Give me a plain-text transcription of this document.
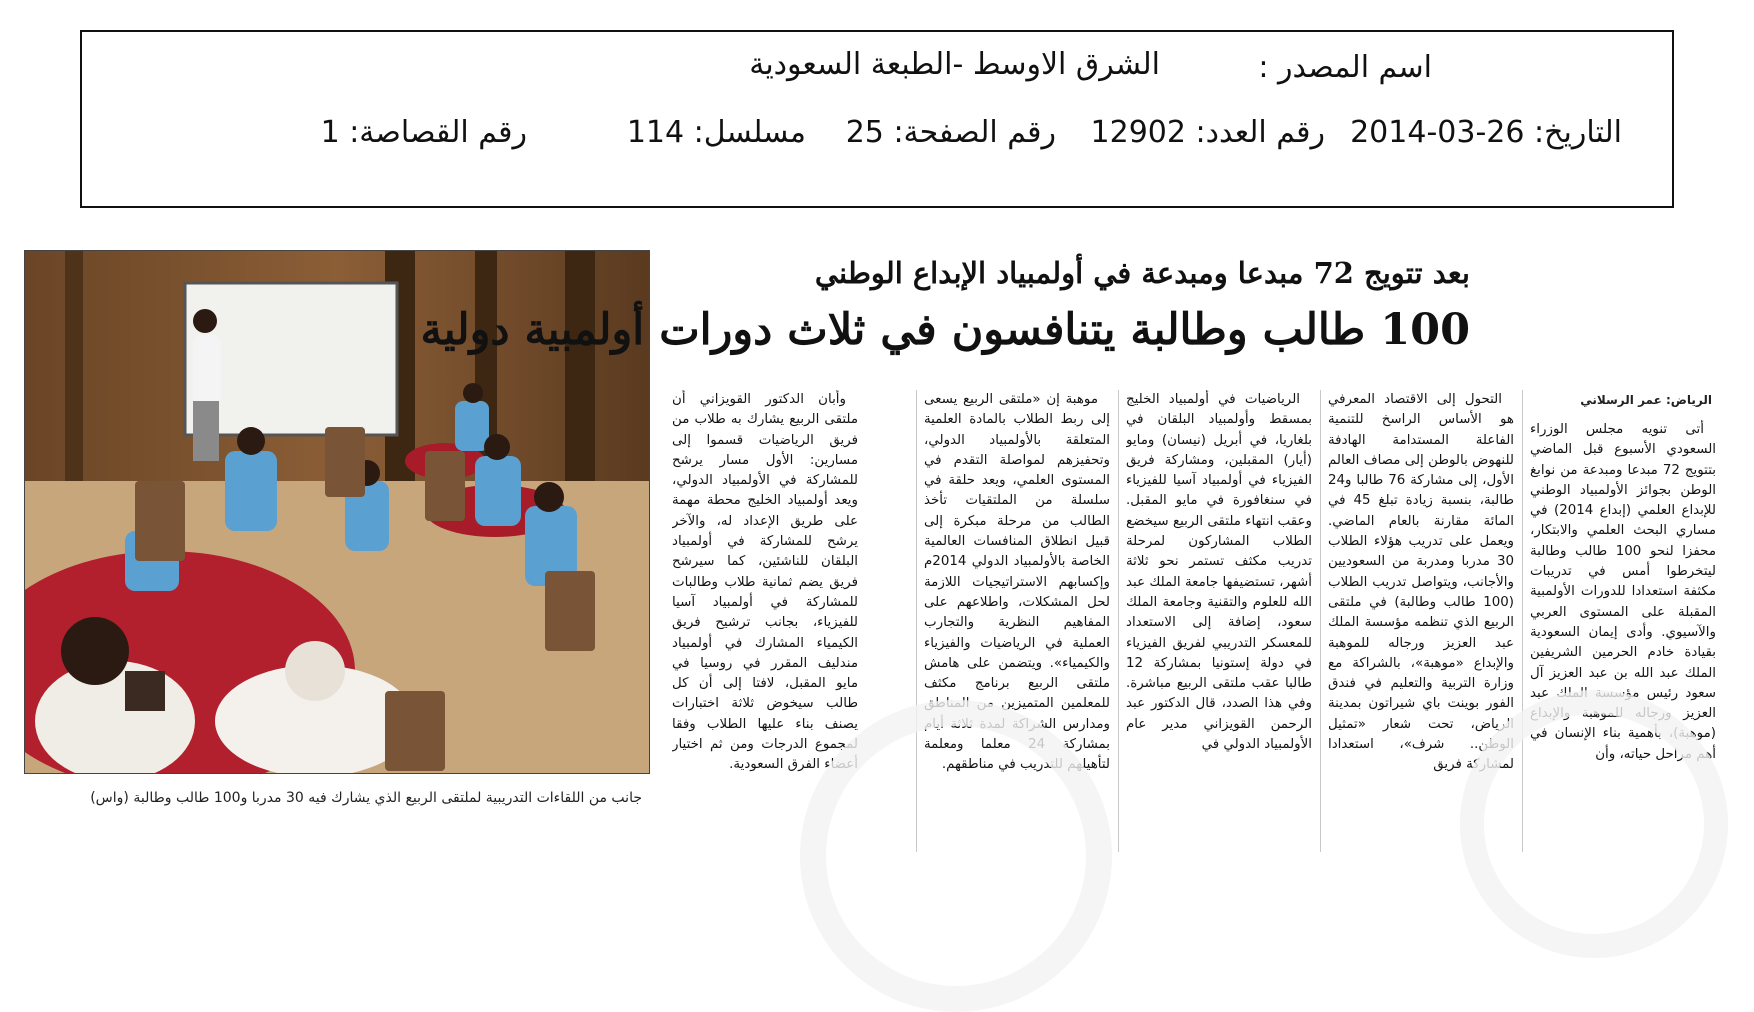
اسم المصدر :
الشرق الاوسط -الطبعة السعودية
التاريخ: 26-03-2014
رقم العدد: 12902
رقم الصفحة: 25
مسلسل: 114
رقم القصاصة: 1
جانب من اللقاءات التدريبية لملتقى الربيع الذي يشارك فيه 30 مدربا و100 طالب وطالبة (واس)
بعد تتويج 72 مبدعا ومبدعة في أولمبياد الإبداع الوطني
100 طالب وطالبة يتنافسون في ثلاث دورات أولمبية دولية
الرياض: عمر الرسلاني

أتى تنويه مجلس الوزراء السعودي الأسبوع قبل الماضي بتتويج 72 مبدعا ومبدعة من نوابغ الوطن بجوائز الأولمبياد الوطني للإبداع العلمي (إبداع 2014) في مساري البحث العلمي والابتكار، محفزا لنحو 100 طالب وطالبة ليتخرطوا أمس في تدريبات مكثفة استعدادا للدورات الأولمبية المقبلة على المستوى العربي والآسيوي. وأدى إيمان السعودية بقيادة خادم الحرمين الشريفين الملك عبد الله بن عبد العزيز آل سعود رئيس مؤسسة الملك عبد العزيز ورجاله للموهبة والإبداع (موهبة)، بأهمية بناء الإنسان في أهم مراحل حياته، وأن

التحول إلى الاقتصاد المعرفي هو الأساس الراسخ للتنمية الفاعلة المستدامة الهادفة للنهوض بالوطن إلى مصاف العالم الأول، إلى مشاركة 76 طالبا و24 طالبة، بنسبة زيادة تبلغ 45 في المائة مقارنة بالعام الماضي. ويعمل على تدريب هؤلاء الطلاب 30 مدربا ومدربة من السعوديين والأجانب، ويتواصل تدريب الطلاب (100 طالب وطالبة) في ملتقى الربيع الذي تنظمه مؤسسة الملك عبد العزيز ورجاله للموهبة والإبداع «موهبة»، بالشراكة مع وزارة التربية والتعليم في فندق الفور بوينت باي شيراتون بمدينة الرياض، تحت شعار «تمثيل الوطن.. شرف»، استعدادا لمشاركة فريق

الرياضيات في أولمبياد الخليج بمسقط وأولمبياد البلقان في بلغاريا، في أبريل (نيسان) ومايو (أيار) المقبلين، ومشاركة فريق الفيزياء في أولمبياد آسيا للفيزياء في سنغافورة في مايو المقبل. وعقب انتهاء ملتقى الربيع سيخضع الطلاب المشاركون لمرحلة تدريب مكثف تستمر نحو ثلاثة أشهر، تستضيفها جامعة الملك عبد الله للعلوم والتقنية وجامعة الملك سعود، إضافة إلى الاستعداد للمعسكر التدريبي لفريق الفيزياء في دولة إستونيا بمشاركة 12 طالبا عقب ملتقى الربيع مباشرة. وفي هذا الصدد، قال الدكتور عبد الرحمن القويزاني مدير عام الأولمبياد الدولي في

موهبة إن «ملتقى الربيع يسعى إلى ربط الطلاب بالمادة العلمية المتعلقة بالأولمبياد الدولي، وتحفيزهم لمواصلة التقدم في المستوى العلمي، ويعد حلقة في سلسلة من الملتقيات تأخذ الطالب من مرحلة مبكرة إلى قبيل انطلاق المنافسات العالمية الخاصة بالأولمبياد الدولي 2014م وإكسابهم الاستراتيجيات اللازمة لحل المشكلات، واطلاعهم على المفاهيم النظرية والتجارب العملية في الرياضيات والفيزياء والكيمياء». ويتضمن على هامش ملتقى الربيع برنامج مكثف للمعلمين المتميزين من المناطق ومدارس الشراكة لمدة ثلاثة أيام بمشاركة 24 معلما ومعلمة لتأهيلهم للتدريب في مناطقهم.

وأبان الدكتور القويزاني أن ملتقى الربيع يشارك به طلاب من فريق الرياضيات قسموا إلى مسارين: الأول مسار يرشح للمشاركة في الأولمبياد الدولي، ويعد أولمبياد الخليج محطة مهمة على طريق الإعداد له، والآخر يرشح للمشاركة في أولمبياد البلقان للناشئين، كما سيرشح فريق يضم ثمانية طلاب وطالبات للمشاركة في أولمبياد آسيا للفيزياء، بجانب ترشيح فريق الكيمياء المشارك في أولمبياد مندليف المقرر في روسيا في مايو المقبل، لافتا إلى أن كل طالب سيخوض ثلاثة اختبارات يصنف بناء عليها الطلاب وفقا لمجموع الدرجات ومن ثم اختيار أعضاء الفرق السعودية.
